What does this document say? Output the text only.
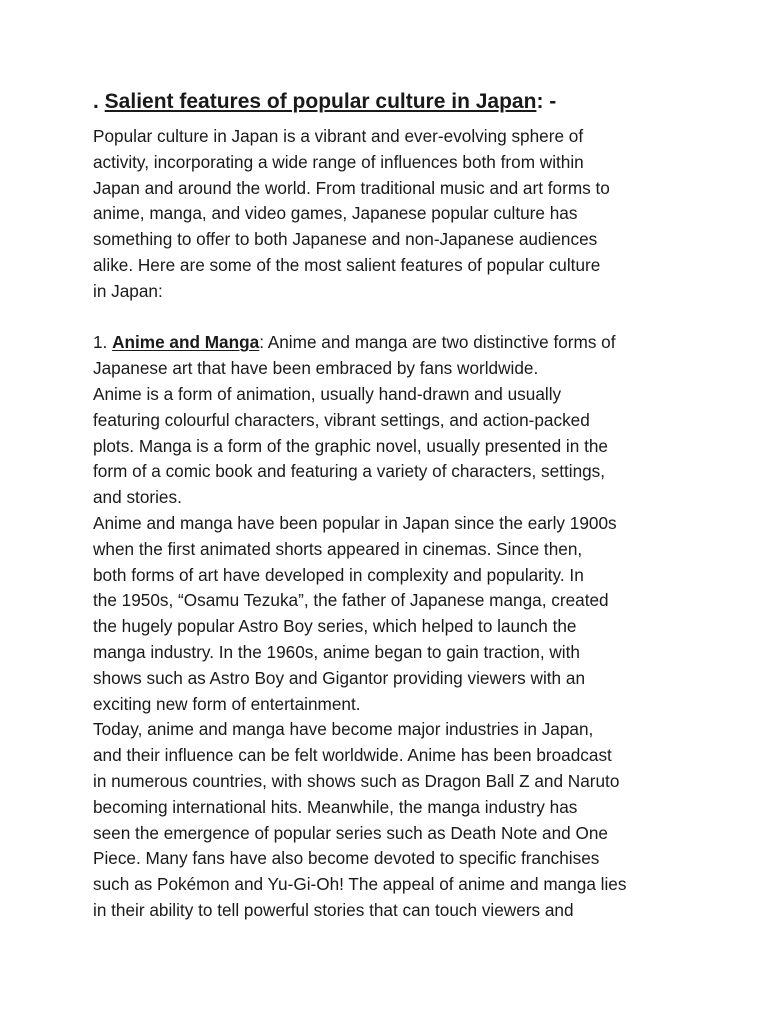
. Salient features of popular culture in Japan: -

Popular culture in Japan is a vibrant and ever-evolving sphere of
activity, incorporating a wide range of influences both from within
Japan and around the world. From traditional music and art forms to
anime, manga, and video games, Japanese popular culture has
something to offer to both Japanese and non-Japanese audiences
alike. Here are some of the most salient features of popular culture
in Japan:

1. Anime and Manga: Anime and manga are two distinctive forms of
Japanese art that have been embraced by fans worldwide.
Anime is a form of animation, usually hand-drawn and usually
featuring colourful characters, vibrant settings, and action-packed
plots. Manga is a form of the graphic novel, usually presented in the
form of a comic book and featuring a variety of characters, settings,
and stories.
Anime and manga have been popular in Japan since the early 1900s
when the first animated shorts appeared in cinemas. Since then,
both forms of art have developed in complexity and popularity. In
the 1950s, “Osamu Tezuka”, the father of Japanese manga, created
the hugely popular Astro Boy series, which helped to launch the
manga industry. In the 1960s, anime began to gain traction, with
shows such as Astro Boy and Gigantor providing viewers with an
exciting new form of entertainment.
Today, anime and manga have become major industries in Japan,
and their influence can be felt worldwide. Anime has been broadcast
in numerous countries, with shows such as Dragon Ball Z and Naruto
becoming international hits. Meanwhile, the manga industry has
seen the emergence of popular series such as Death Note and One
Piece. Many fans have also become devoted to specific franchises
such as Pokémon and Yu-Gi-Oh! The appeal of anime and manga lies
in their ability to tell powerful stories that can touch viewers and
